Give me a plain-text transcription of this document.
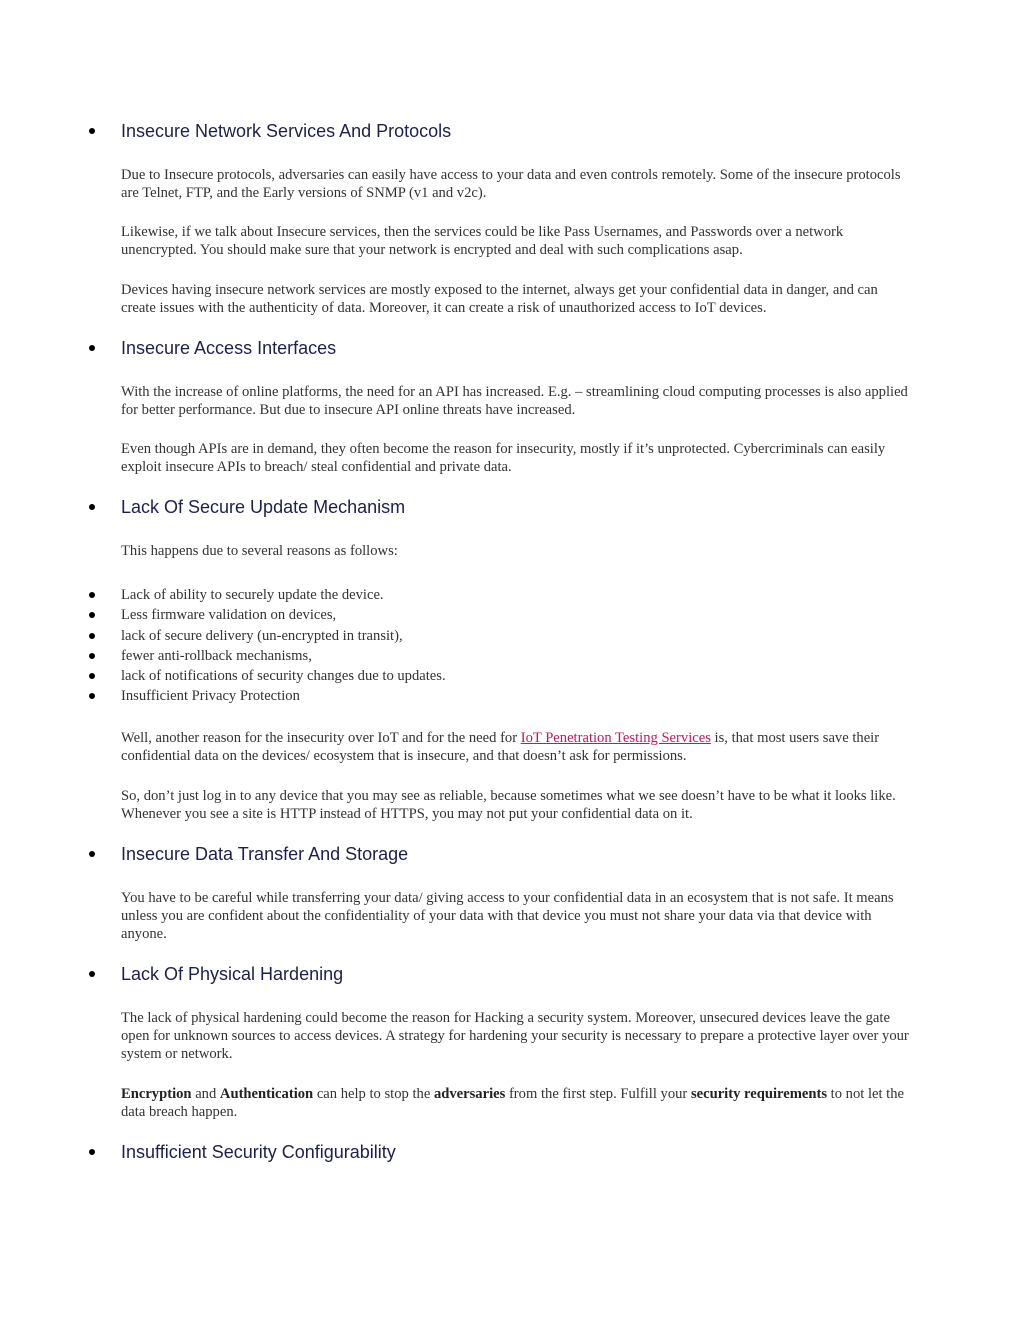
Insecure Network Services And Protocols

Due to Insecure protocols, adversaries can easily have access to your data and even controls remotely. Some of the insecure protocols are Telnet, FTP, and the Early versions of SNMP (v1 and v2c).

Likewise, if we talk about Insecure services, then the services could be like Pass Usernames, and Passwords over a network unencrypted. You should make sure that your network is encrypted and deal with such complications asap.

Devices having insecure network services are mostly exposed to the internet, always get your confidential data in danger, and can create issues with the authenticity of data. Moreover, it can create a risk of unauthorized access to IoT devices.

Insecure Access Interfaces

With the increase of online platforms, the need for an API has increased. E.g. – streamlining cloud computing processes is also applied for better performance. But due to insecure API online threats have increased.

Even though APIs are in demand, they often become the reason for insecurity, mostly if it’s unprotected. Cybercriminals can easily exploit insecure APIs to breach/ steal confidential and private data.

Lack Of Secure Update Mechanism

This happens due to several reasons as follows:

Lack of ability to securely update the device.
Less firmware validation on devices,
lack of secure delivery (un-encrypted in transit),
fewer anti-rollback mechanisms,
lack of notifications of security changes due to updates.
Insufficient Privacy Protection

Well, another reason for the insecurity over IoT and for the need for IoT Penetration Testing Services is, that most users save their confidential data on the devices/ ecosystem that is insecure, and that doesn’t ask for permissions.

So, don’t just log in to any device that you may see as reliable, because sometimes what we see doesn’t have to be what it looks like. Whenever you see a site is HTTP instead of HTTPS, you may not put your confidential data on it.

Insecure Data Transfer And Storage

You have to be careful while transferring your data/ giving access to your confidential data in an ecosystem that is not safe. It means unless you are confident about the confidentiality of your data with that device you must not share your data via that device with anyone.

Lack Of Physical Hardening

The lack of physical hardening could become the reason for Hacking a security system. Moreover, unsecured devices leave the gate open for unknown sources to access devices. A strategy for hardening your security is necessary to prepare a protective layer over your system or network.

Encryption and Authentication can help to stop the adversaries from the first step. Fulfill your security requirements to not let the data breach happen.

Insufficient Security Configurability
